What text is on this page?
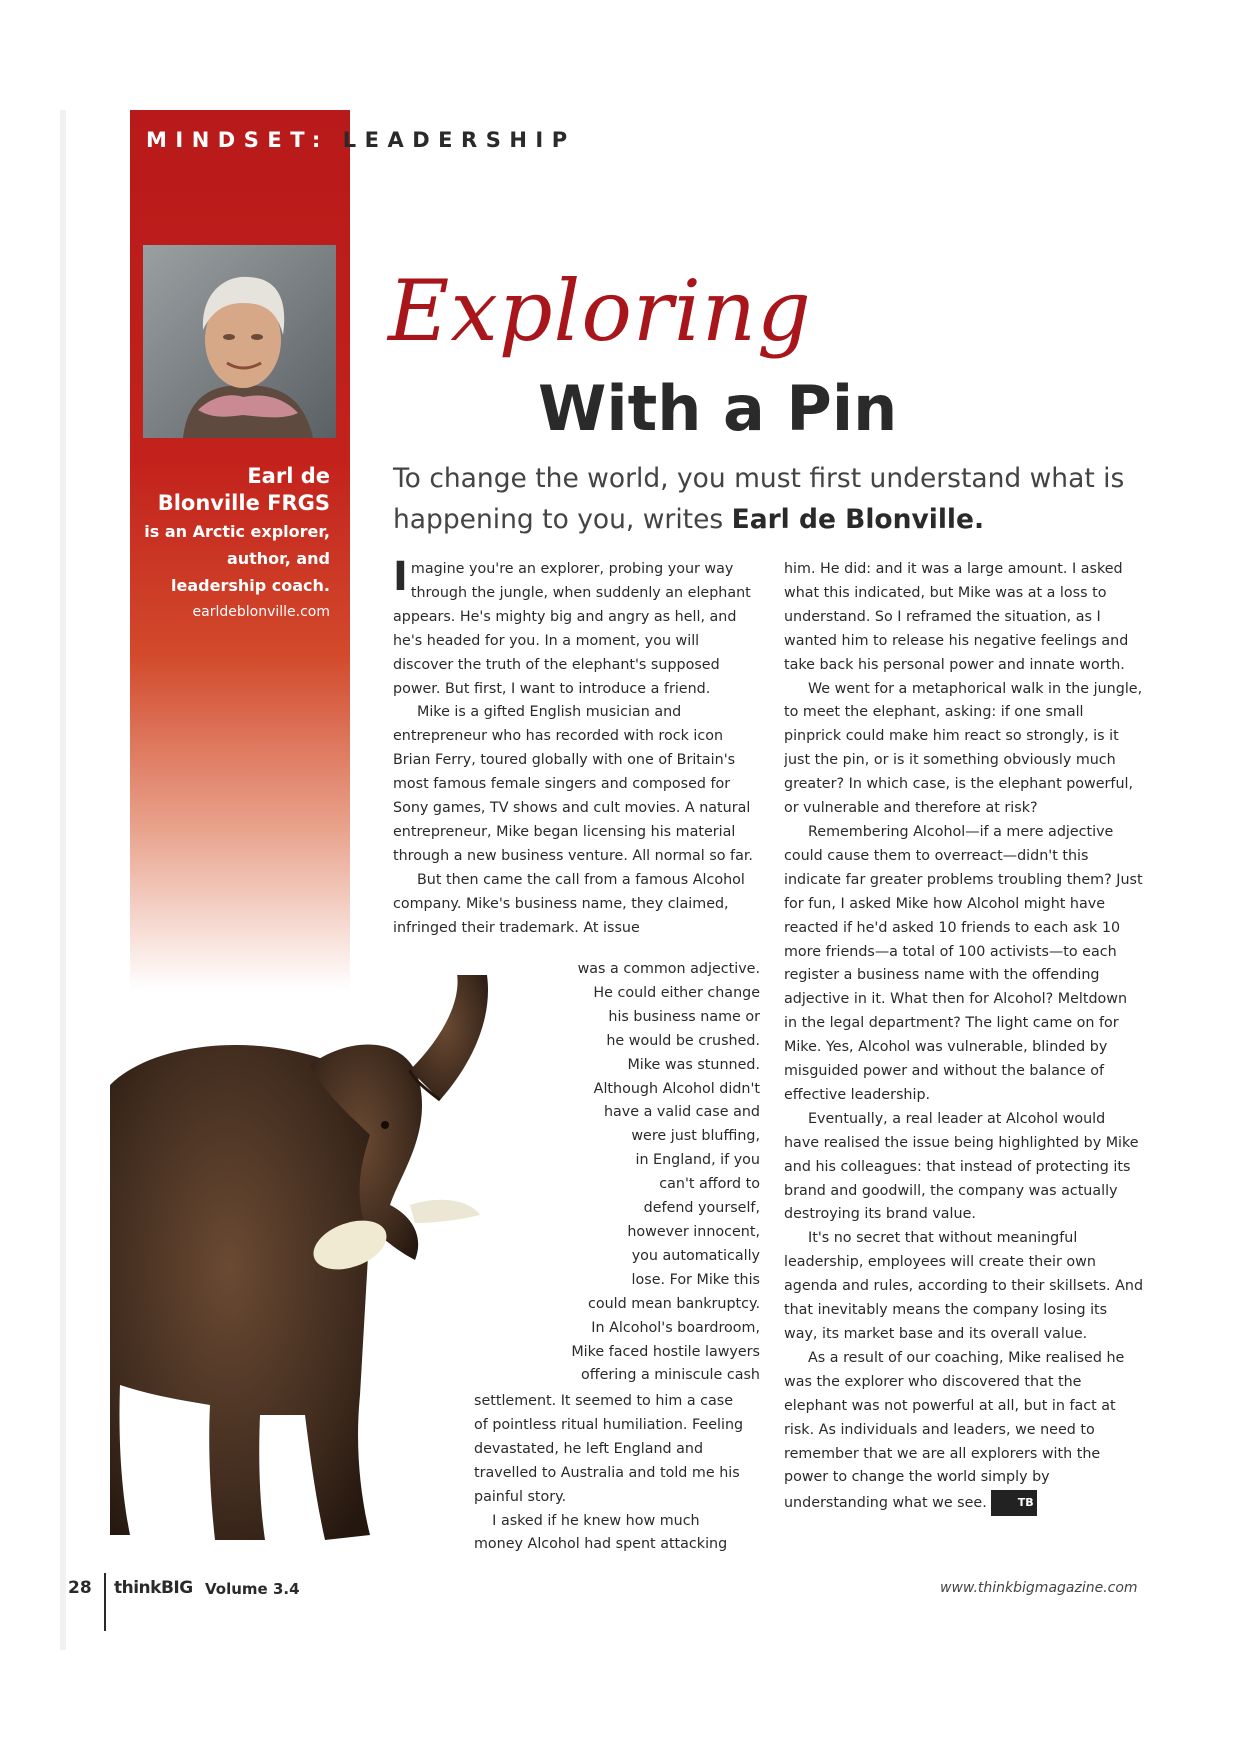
MINDSET: LEADERSHIP
Earl de
Blonville FRGS
is an Arctic explorer,
author, and
leadership coach.
earldeblonville.com
Exploring
With a Pin
To change the world, you must first understand what is happening to you, writes Earl de Blonville.

Imagine you're an explorer, probing your way through the jungle, when suddenly an elephant appears. He's mighty big and angry as hell, and he's headed for you. In a moment, you will discover the truth of the elephant's supposed power. But first, I want to introduce a friend.

Mike is a gifted English musician and entrepreneur who has recorded with rock icon Brian Ferry, toured globally with one of Britain's most famous female singers and composed for Sony games, TV shows and cult movies. A natural entrepreneur, Mike began licensing his material through a new business venture. All normal so far.

But then came the call from a famous Alcohol company. Mike's business name, they claimed, infringed their trademark. At issue

was a common adjective.
He could either change
his business name or
he would be crushed.
Mike was stunned.
Although Alcohol didn't
have a valid case and
were just bluffing,
in England, if you
can't afford to
defend yourself,
however innocent,
you automatically
lose. For Mike this
could mean bankruptcy.
In Alcohol's boardroom,
Mike faced hostile lawyers
offering a miniscule cash
settlement. It seemed to him a case
of pointless ritual humiliation. Feeling
devastated, he left England and
travelled to Australia and told me his
painful story.
I asked if he knew how much
money Alcohol had spent attacking

him. He did: and it was a large amount. I asked what this indicated, but Mike was at a loss to understand. So I reframed the situation, as I wanted him to release his negative feelings and take back his personal power and innate worth.

We went for a metaphorical walk in the jungle, to meet the elephant, asking: if one small pinprick could make him react so strongly, is it just the pin, or is it something obviously much greater? In which case, is the elephant powerful, or vulnerable and therefore at risk?

Remembering Alcohol—if a mere adjective could cause them to overreact—didn't this indicate far greater problems troubling them? Just for fun, I asked Mike how Alcohol might have reacted if he'd asked 10 friends to each ask 10 more friends—a total of 100 activists—to each register a business name with the offending adjective in it. What then for Alcohol? Meltdown in the legal department? The light came on for Mike. Yes, Alcohol was vulnerable, blinded by misguided power and without the balance of effective leadership.

Eventually, a real leader at Alcohol would have realised the issue being highlighted by Mike and his colleagues: that instead of protecting its brand and goodwill, the company was actually destroying its brand value.

It's no secret that without meaningful leadership, employees will create their own agenda and rules, according to their skillsets. And that inevitably means the company losing its way, its market base and its overall value.

As a result of our coaching, Mike realised he was the explorer who discovered that the elephant was not powerful at all, but in fact at risk. As individuals and leaders, we need to remember that we are all explorers with the power to change the world simply by understanding what we see.	TB

28 thinkBIG Volume 3.4	www.thinkbigmagazine.com
